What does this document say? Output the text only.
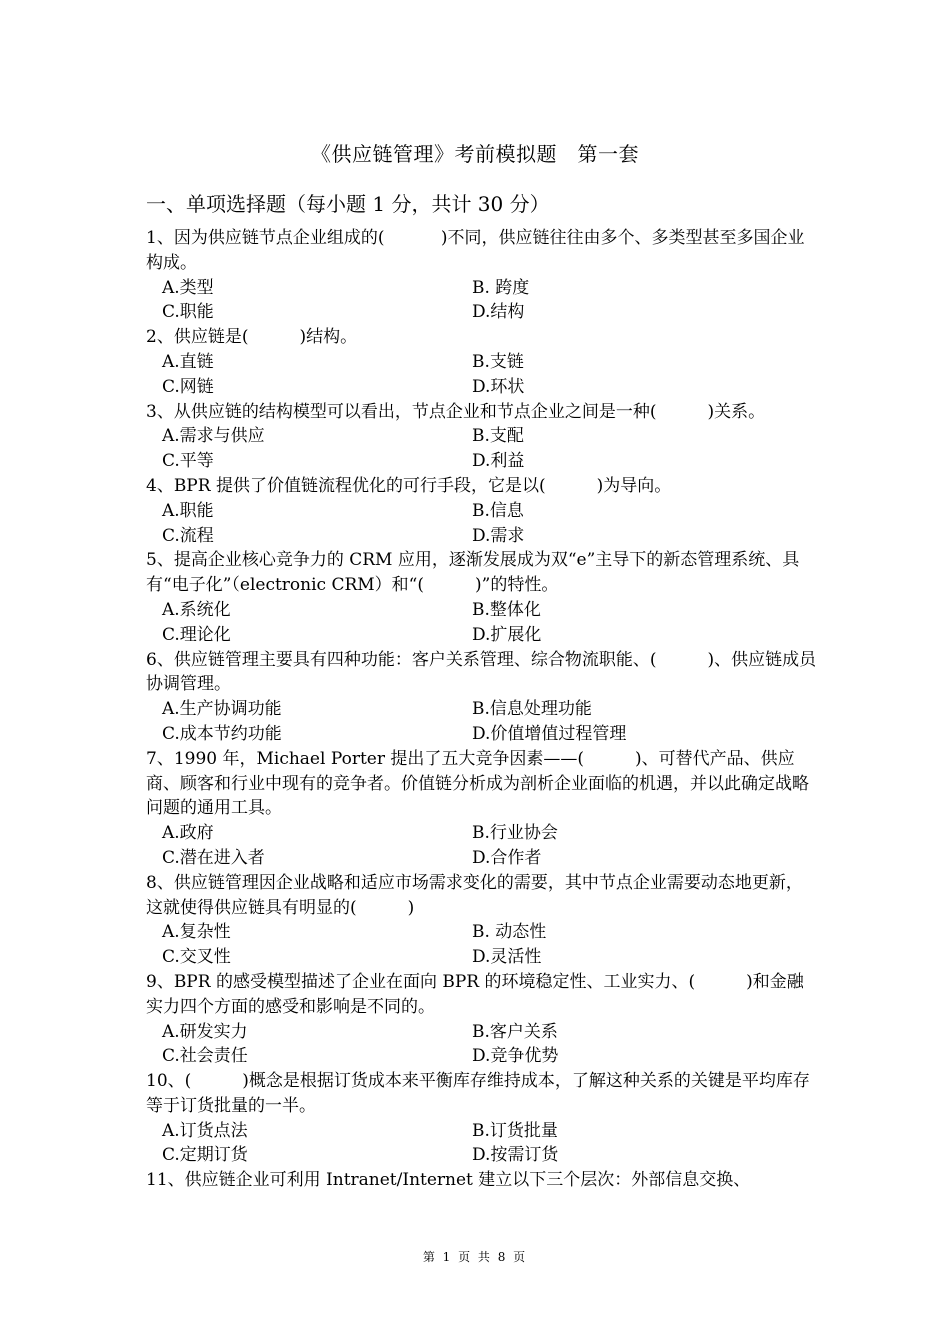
《供应链管理》考前模拟题　第一套
一、单项选择题（每小题 1 分，共计 30 分）

1、因为供应链节点企业组成的(　　　 )不同，供应链往往由多个、多类型甚至多国企业构成。

A.类型	B. 跨度
C.职能	D.结构

2、供应链是(　　　)结构。

A.直链	B.支链
C.网链	D.环状

3、从供应链的结构模型可以看出，节点企业和节点企业之间是一种(　　　)关系。

A.需求与供应	B.支配
C.平等	D.利益

4、BPR 提供了价值链流程优化的可行手段，它是以(　　　)为导向。

A.职能	B.信息
C.流程	D.需求

5、提高企业核心竞争力的 CRM 应用，逐渐发展成为双“e”主导下的新态管理系统、具有“电子化”（electronic CRM）和“(　　　)”的特性。

A.系统化	B.整体化
C.理论化	D.扩展化

6、供应链管理主要具有四种功能：客户关系管理、综合物流职能、(　　　)、供应链成员协调管理。

A.生产协调功能	B.信息处理功能
C.成本节约功能	D.价值增值过程管理

7、1990 年，Michael Porter 提出了五大竞争因素——(　　　)、可替代产品、供应商、顾客和行业中现有的竞争者。价值链分析成为剖析企业面临的机遇，并以此确定战略问题的通用工具。

A.政府	B.行业协会
C.潜在进入者	D.合作者

8、供应链管理因企业战略和适应市场需求变化的需要，其中节点企业需要动态地更新，这就使得供应链具有明显的(　　　)

A.复杂性	B. 动态性
C.交叉性	D.灵活性

9、BPR 的感受模型描述了企业在面向 BPR 的环境稳定性、工业实力、(　　　)和金融实力四个方面的感受和影响是不同的。

A.研发实力	B.客户关系
C.社会责任	D.竞争优势

10、(　　　)概念是根据订货成本来平衡库存维持成本，了解这种关系的关键是平均库存等于订货批量的一半。

A.订货点法	B.订货批量
C.定期订货	D.按需订货

11、供应链企业可利用 Intranet/Internet 建立以下三个层次：外部信息交换、

第 1 页 共 8 页
